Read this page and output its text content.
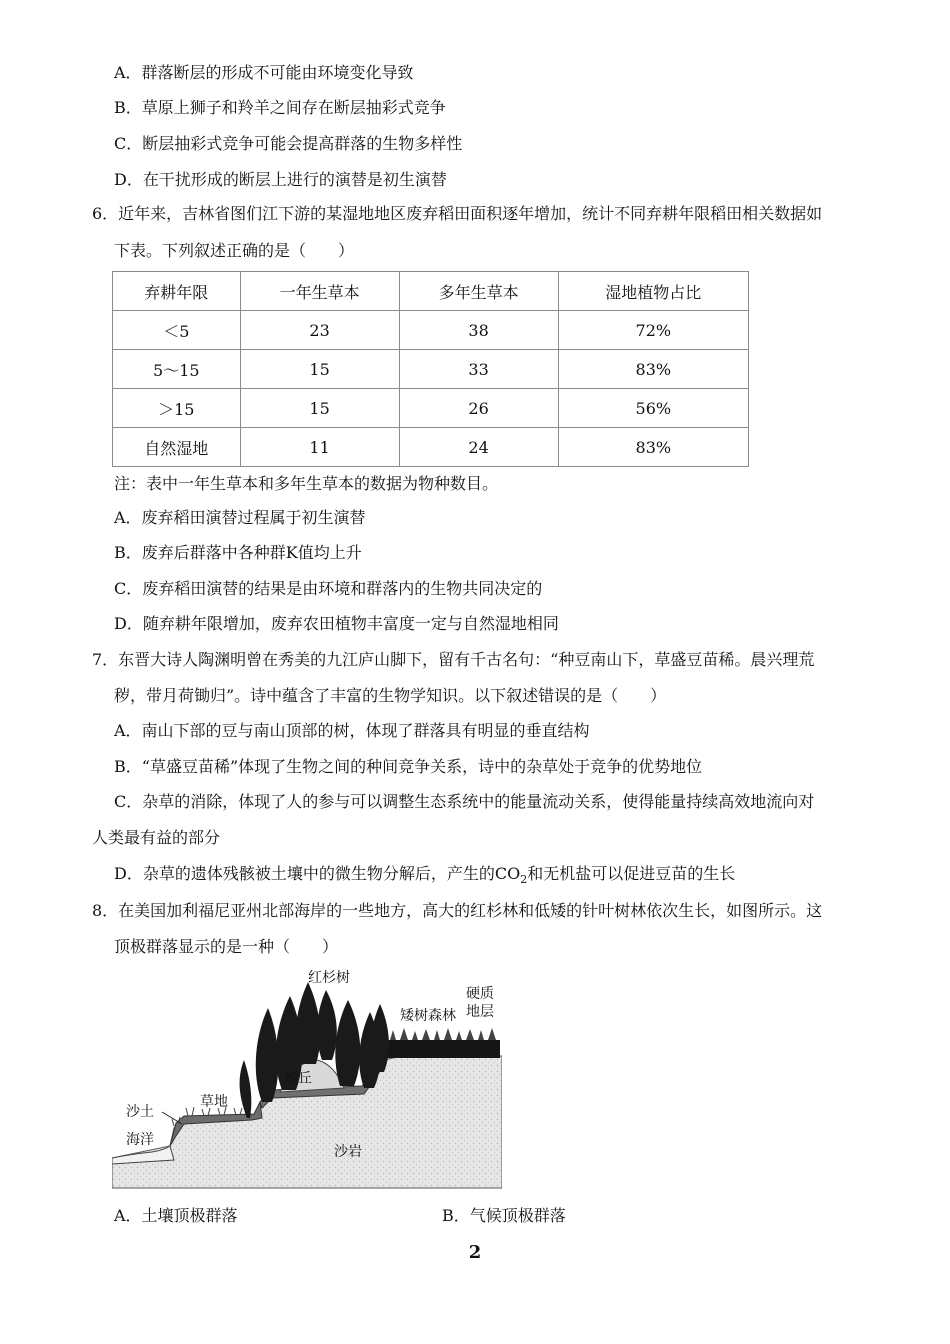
A．群落断层的形成不可能由环境变化导致
B．草原上狮子和羚羊之间存在断层抽彩式竞争
C．断层抽彩式竞争可能会提高群落的生物多样性
D．在干扰形成的断层上进行的演替是初生演替
6．近年来，吉林省图们江下游的某湿地地区废弃稻田面积逐年增加，统计不同弃耕年限稻田相关数据如
下表。下列叙述正确的是（　　）
弃耕年限	一年生草本	多年生草本	湿地植物占比
＜5	23	38	72%
5～15	15	33	83%
＞15	15	26	56%
自然湿地	11	24	83%
注：表中一年生草本和多年生草本的数据为物种数目。
A．废弃稻田演替过程属于初生演替
B．废弃后群落中各种群K值均上升
C．废弃稻田演替的结果是由环境和群落内的生物共同决定的
D．随弃耕年限增加，废弃农田植物丰富度一定与自然湿地相同
7．东晋大诗人陶渊明曾在秀美的九江庐山脚下，留有千古名句：“种豆南山下，草盛豆苗稀。晨兴理荒
秽，带月荷锄归”。诗中蕴含了丰富的生物学知识。以下叙述错误的是（　　）
A．南山下部的豆与南山顶部的树，体现了群落具有明显的垂直结构
B．“草盛豆苗稀”体现了生物之间的种间竞争关系，诗中的杂草处于竞争的优势地位
C．杂草的消除，体现了人的参与可以调整生态系统中的能量流动关系，使得能量持续高效地流向对
人类最有益的部分
D．杂草的遗体残骸被土壤中的微生物分解后，产生的$CO_2$和无机盐可以促进豆苗的生长
8．在美国加利福尼亚州北部海岸的一些地方，高大的红杉林和低矮的针叶树林依次生长，如图所示。这
顶极群落显示的是一种（　　）
红杉树
矮树森林
硬质
地层
沙丘
草地
沙土
海洋
沙岩
A．土壤顶极群落	B．气候顶极群落
2
